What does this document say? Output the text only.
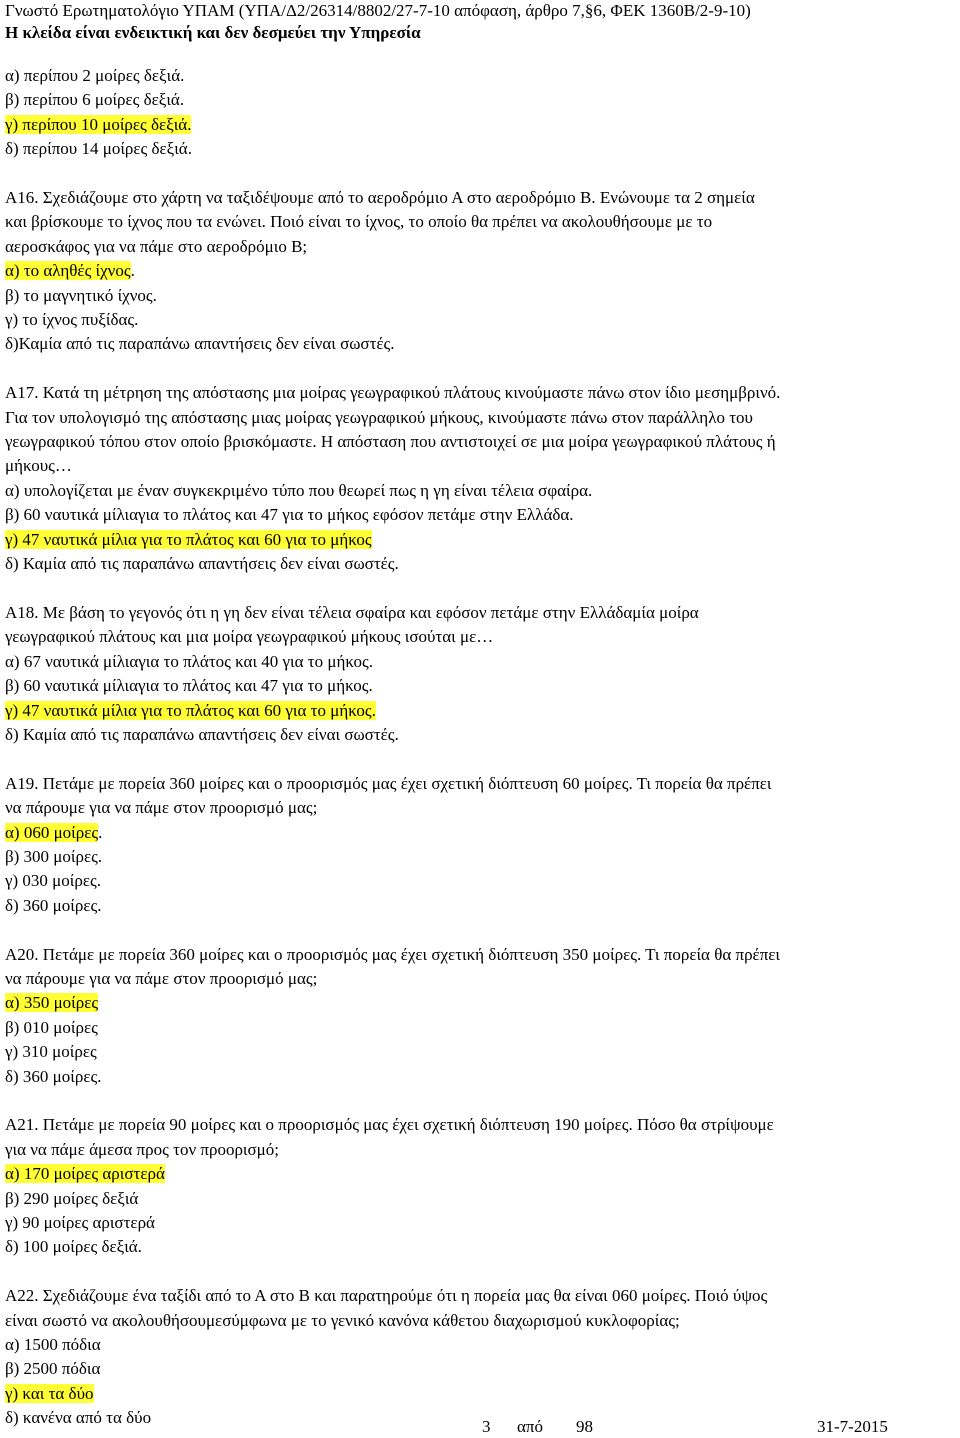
Γνωστό Ερωτηματολόγιο ΥΠΑΜ (ΥΠΑ/Δ2/26314/8802/27-7-10 απόφαση, άρθρο 7,§6, ΦΕΚ 1360Β/2-9-10)
Η κλείδα είναι ενδεικτική και δεν δεσμεύει την Υπηρεσία
α) περίπου 2 μοίρες δεξιά.
β) περίπου 6 μοίρες δεξιά.
γ) περίπου 10 μοίρες δεξιά.
δ) περίπου 14 μοίρες δεξιά.
Α16. Σχεδιάζουμε στο χάρτη να ταξιδέψουμε από το αεροδρόμιο Α στο αεροδρόμιο Β. Ενώνουμε τα 2 σημεία
και βρίσκουμε το ίχνος που τα ενώνει. Ποιό είναι το ίχνος, το οποίο θα πρέπει να ακολουθήσουμε με το
αεροσκάφος για να πάμε στο αεροδρόμιο Β;
α) το αληθές ίχνος.
β) το μαγνητικό ίχνος.
γ) το ίχνος πυξίδας.
δ)Καμία από τις παραπάνω απαντήσεις δεν είναι σωστές.
Α17. Κατά τη μέτρηση της απόστασης μια μοίρας γεωγραφικού πλάτους κινούμαστε πάνω στον ίδιο μεσημβρινό.
Για τον υπολογισμό της απόστασης μιας μοίρας γεωγραφικού μήκους, κινούμαστε πάνω στον παράλληλο του
γεωγραφικού τόπου στον οποίο βρισκόμαστε. Η απόσταση που αντιστοιχεί σε μια μοίρα γεωγραφικού πλάτους ή
μήκους…
α) υπολογίζεται με έναν συγκεκριμένο τύπο που θεωρεί πως η γη είναι τέλεια σφαίρα.
β) 60 ναυτικά μίλιαγια το πλάτος και 47 για το μήκος εφόσον πετάμε στην Ελλάδα.
γ) 47 ναυτικά μίλια για το πλάτος και 60 για το μήκος
δ) Καμία από τις παραπάνω απαντήσεις δεν είναι σωστές.
Α18. Με βάση το γεγονός ότι η γη δεν είναι τέλεια σφαίρα και εφόσον πετάμε στην Ελλάδαμία μοίρα
γεωγραφικού πλάτους και μια μοίρα γεωγραφικού μήκους ισούται με…
α) 67 ναυτικά μίλιαγια το πλάτος και 40 για το μήκος.
β) 60 ναυτικά μίλιαγια το πλάτος και 47 για το μήκος.
γ) 47 ναυτικά μίλια για το πλάτος και 60 για το μήκος.
δ) Καμία από τις παραπάνω απαντήσεις δεν είναι σωστές.
Α19. Πετάμε με πορεία 360 μοίρες και ο προορισμός μας έχει σχετική διόπτευση 60 μοίρες. Τι πορεία θα πρέπει
να πάρουμε για να πάμε στον προορισμό μας;
α) 060 μοίρες.
β) 300 μοίρες.
γ) 030 μοίρες.
δ) 360 μοίρες.
Α20. Πετάμε με πορεία 360 μοίρες και ο προορισμός μας έχει σχετική διόπτευση 350 μοίρες. Τι πορεία θα πρέπει
να πάρουμε για να πάμε στον προορισμό μας;
α) 350 μοίρες
β) 010 μοίρες
γ) 310 μοίρες
δ) 360 μοίρες.
Α21. Πετάμε με πορεία 90 μοίρες και ο προορισμός μας έχει σχετική διόπτευση 190 μοίρες. Πόσο θα στρίψουμε
για να πάμε άμεσα προς τον προορισμό;
α) 170 μοίρες αριστερά
β) 290 μοίρες δεξιά
γ) 90 μοίρες αριστερά
δ) 100 μοίρες δεξιά.
Α22. Σχεδιάζουμε ένα ταξίδι από το Α στο Β και παρατηρούμε ότι η πορεία μας θα είναι 060 μοίρες. Ποιό ύψος
είναι σωστό να ακολουθήσουμεσύμφωνα με το γενικό κανόνα κάθετου διαχωρισμού κυκλοφορίας;
α) 1500 πόδια
β) 2500 πόδια
γ) και τα δύο
δ) κανένα από τα δύο	3 από 98	31-7-2015
